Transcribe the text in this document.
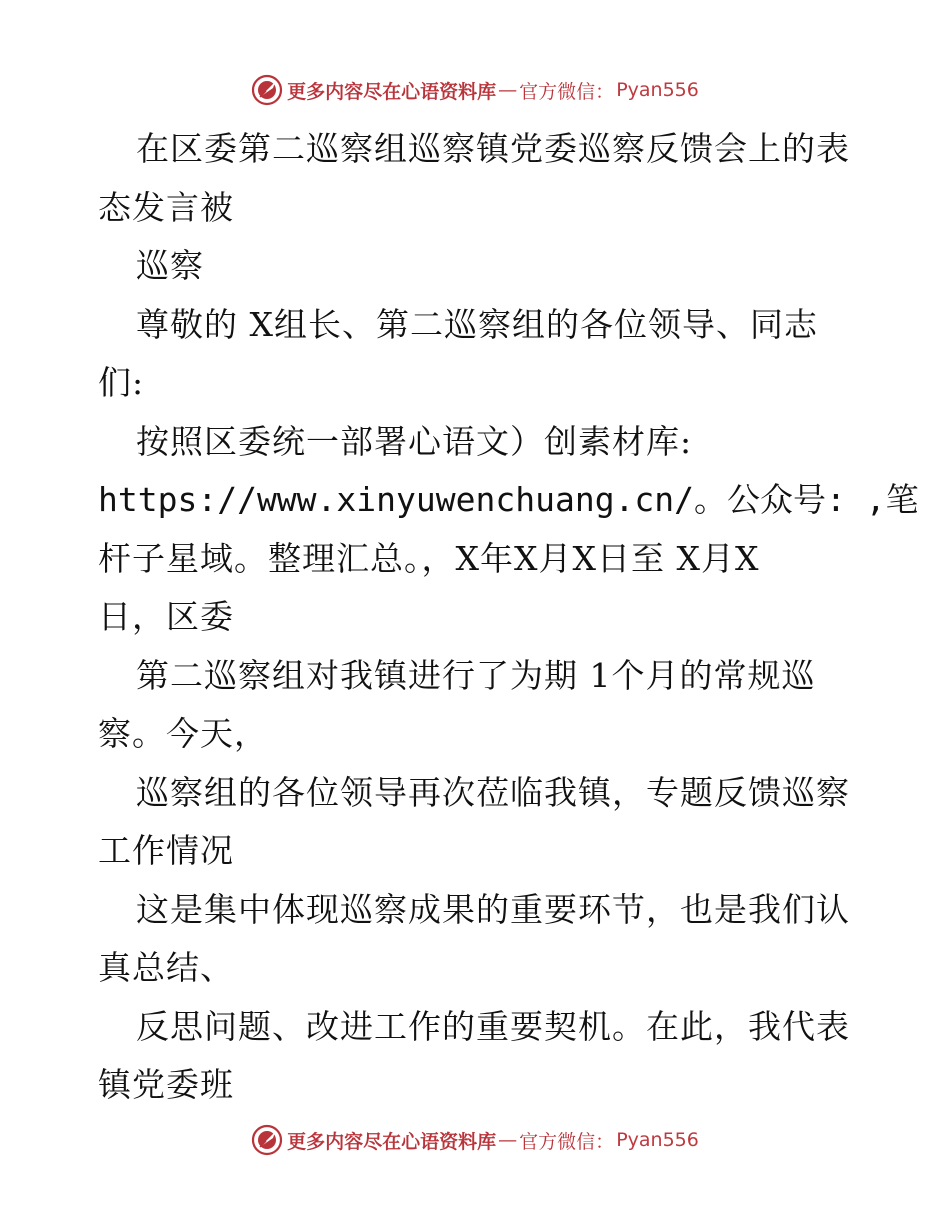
更多内容尽在心语资料库 — 官方微信： Pyan556
在区委第二巡察组巡察镇党委巡察反馈会上的表
态发言被
巡察
尊敬的 X组长、第二巡察组的各位领导、同志
们:
按照区委统一部署心语文）创素材库:
https://www.xinyuwenchuang.cn/。公众号: ,笔
杆子星域。整理汇总。，X年X月X日至 X月X
日，区委
第二巡察组对我镇进行了为期 1个月的常规巡
察。今天，
巡察组的各位领导再次莅临我镇，专题反馈巡察
工作情况
这是集中体现巡察成果的重要环节，也是我们认
真总结、
反思问题、改进工作的重要契机。在此，我代表
镇党委班
更多内容尽在心语资料库 — 官方微信： Pyan556
